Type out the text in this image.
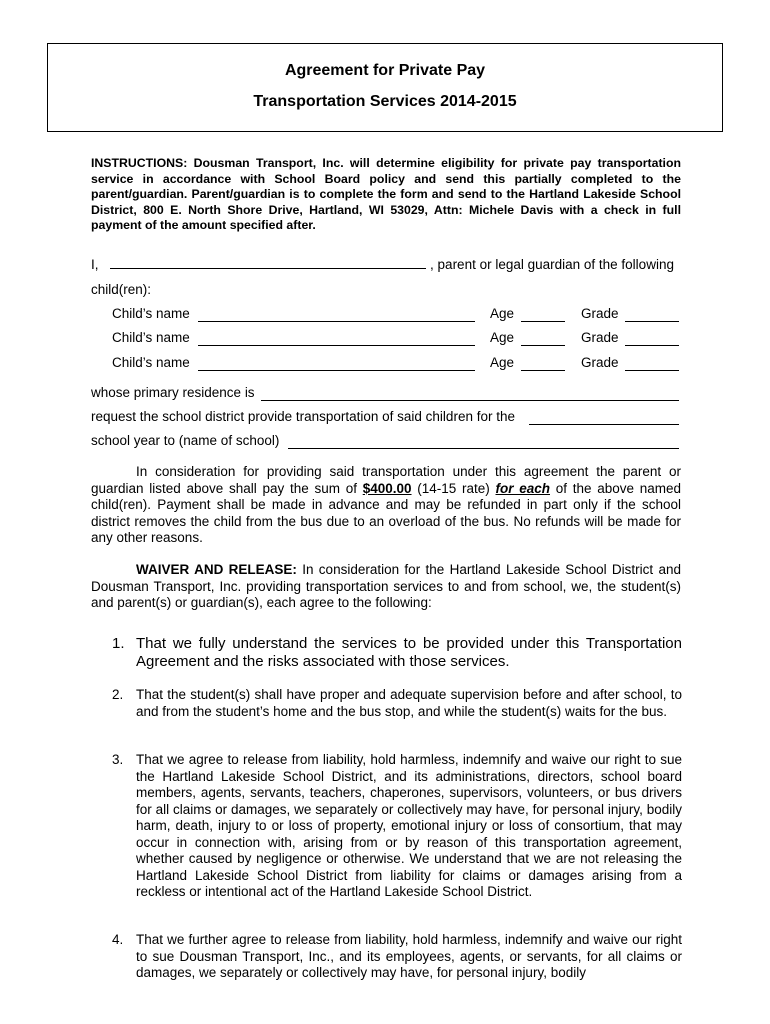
Agreement for Private Pay
Transportation Services 2014-2015
INSTRUCTIONS: Dousman Transport, Inc. will determine eligibility for private pay transportation service in accordance with School Board policy and send this partially completed to the parent/guardian. Parent/guardian is to complete the form and send to the Hartland Lakeside School District, 800 E. North Shore Drive, Hartland, WI 53029, Attn: Michele Davis with a check in full payment of the amount specified after.
I,	, parent or legal guardian of the following
child(ren):
Child’s name	Age	Grade
Child’s name	Age	Grade
Child’s name	Age	Grade
whose primary residence is
request the school district provide transportation of said children for the
school year to (name of school)
In consideration for providing said transportation under this agreement the parent or guardian listed above shall pay the sum of $400.00 (14-15 rate) for each of the above named child(ren). Payment shall be made in advance and may be refunded in part only if the school district removes the child from the bus due to an overload of the bus. No refunds will be made for any other reasons.
WAIVER AND RELEASE: In consideration for the Hartland Lakeside School District and Dousman Transport, Inc. providing transportation services to and from school, we, the student(s) and parent(s) or guardian(s), each agree to the following:
1. That we fully understand the services to be provided under this Transportation Agreement and the risks associated with those services.
2. That the student(s) shall have proper and adequate supervision before and after school, to and from the student’s home and the bus stop, and while the student(s) waits for the bus.
3. That we agree to release from liability, hold harmless, indemnify and waive our right to sue the Hartland Lakeside School District, and its administrations, directors, school board members, agents, servants, teachers, chaperones, supervisors, volunteers, or bus drivers for all claims or damages, we separately or collectively may have, for personal injury, bodily harm, death, injury to or loss of property, emotional injury or loss of consortium, that may occur in connection with, arising from or by reason of this transportation agreement, whether caused by negligence or otherwise. We understand that we are not releasing the Hartland Lakeside School District from liability for claims or damages arising from a reckless or intentional act of the Hartland Lakeside School District.
4. That we further agree to release from liability, hold harmless, indemnify and waive our right to sue Dousman Transport, Inc., and its employees, agents, or servants, for all claims or damages, we separately or collectively may have, for personal injury, bodily
